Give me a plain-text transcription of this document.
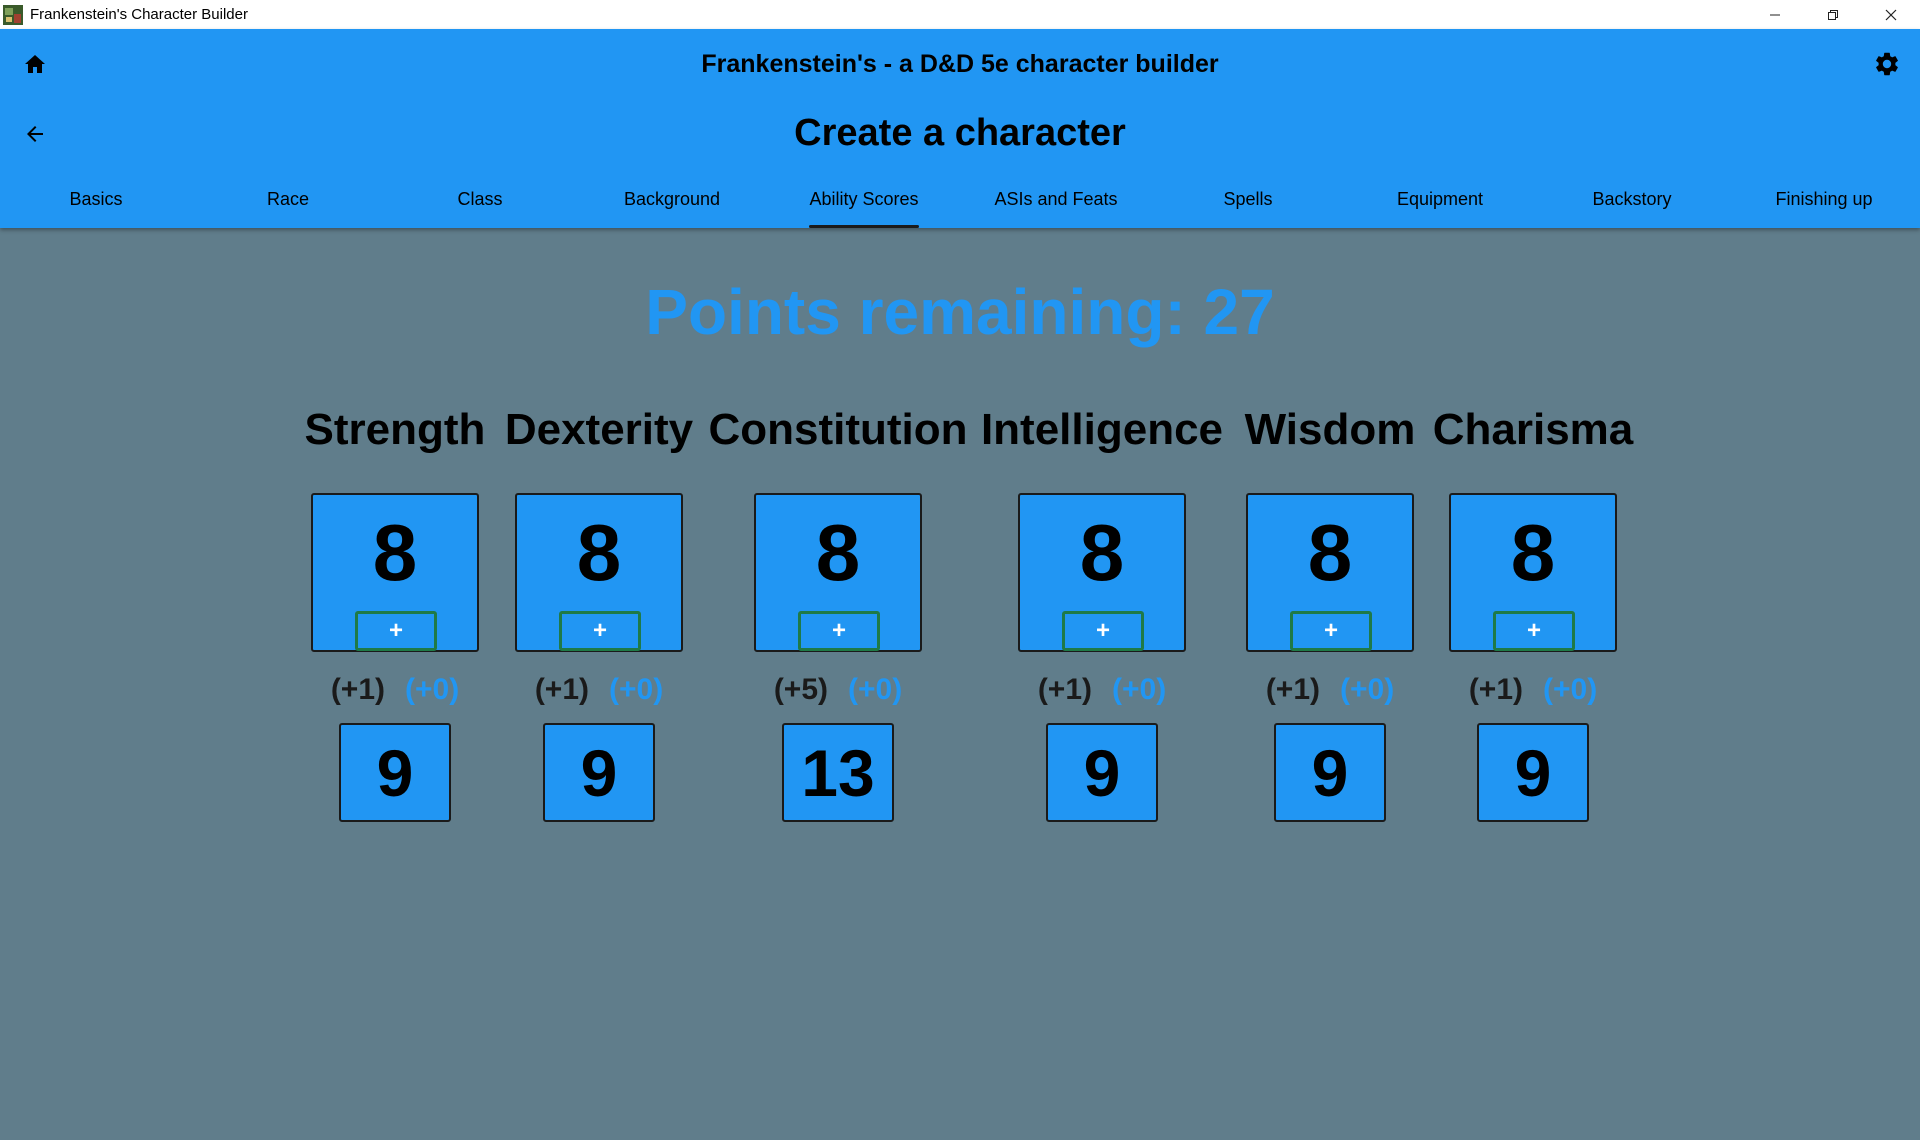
Frankenstein's Character Builder
Frankenstein's - a D&D 5e character builder
Create a character
Basics	Race	Class	Background	Ability Scores	ASIs and Feats	Spells	Equipment	Backstory	Finishing up
Points remaining: 27
Strength
8
+
(+1) (+0)
9
Dexterity
8
+
(+1) (+0)
9
Constitution
8
+
(+5) (+0)
13
Intelligence
8
+
(+1) (+0)
9
Wisdom
8
+
(+1) (+0)
9
Charisma
8
+
(+1) (+0)
9
